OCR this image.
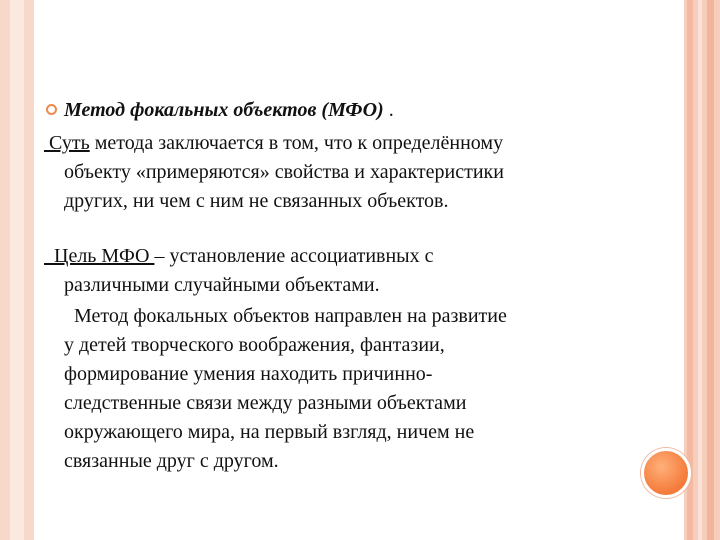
Метод фокальных объектов (МФО) .
Суть метода заключается в том, что к определённому
объекту «примеряются» свойства и характеристики
других, ни чем с ним не связанных объектов.
Цель МФО – установление ассоциативных с
различными случайными объектами.
Метод фокальных объектов направлен на развитие
у детей творческого воображения, фантазии,
формирование умения находить причинно-
следственные связи между разными объектами
окружающего мира, на первый взгляд, ничем не
связанные друг с другом.
